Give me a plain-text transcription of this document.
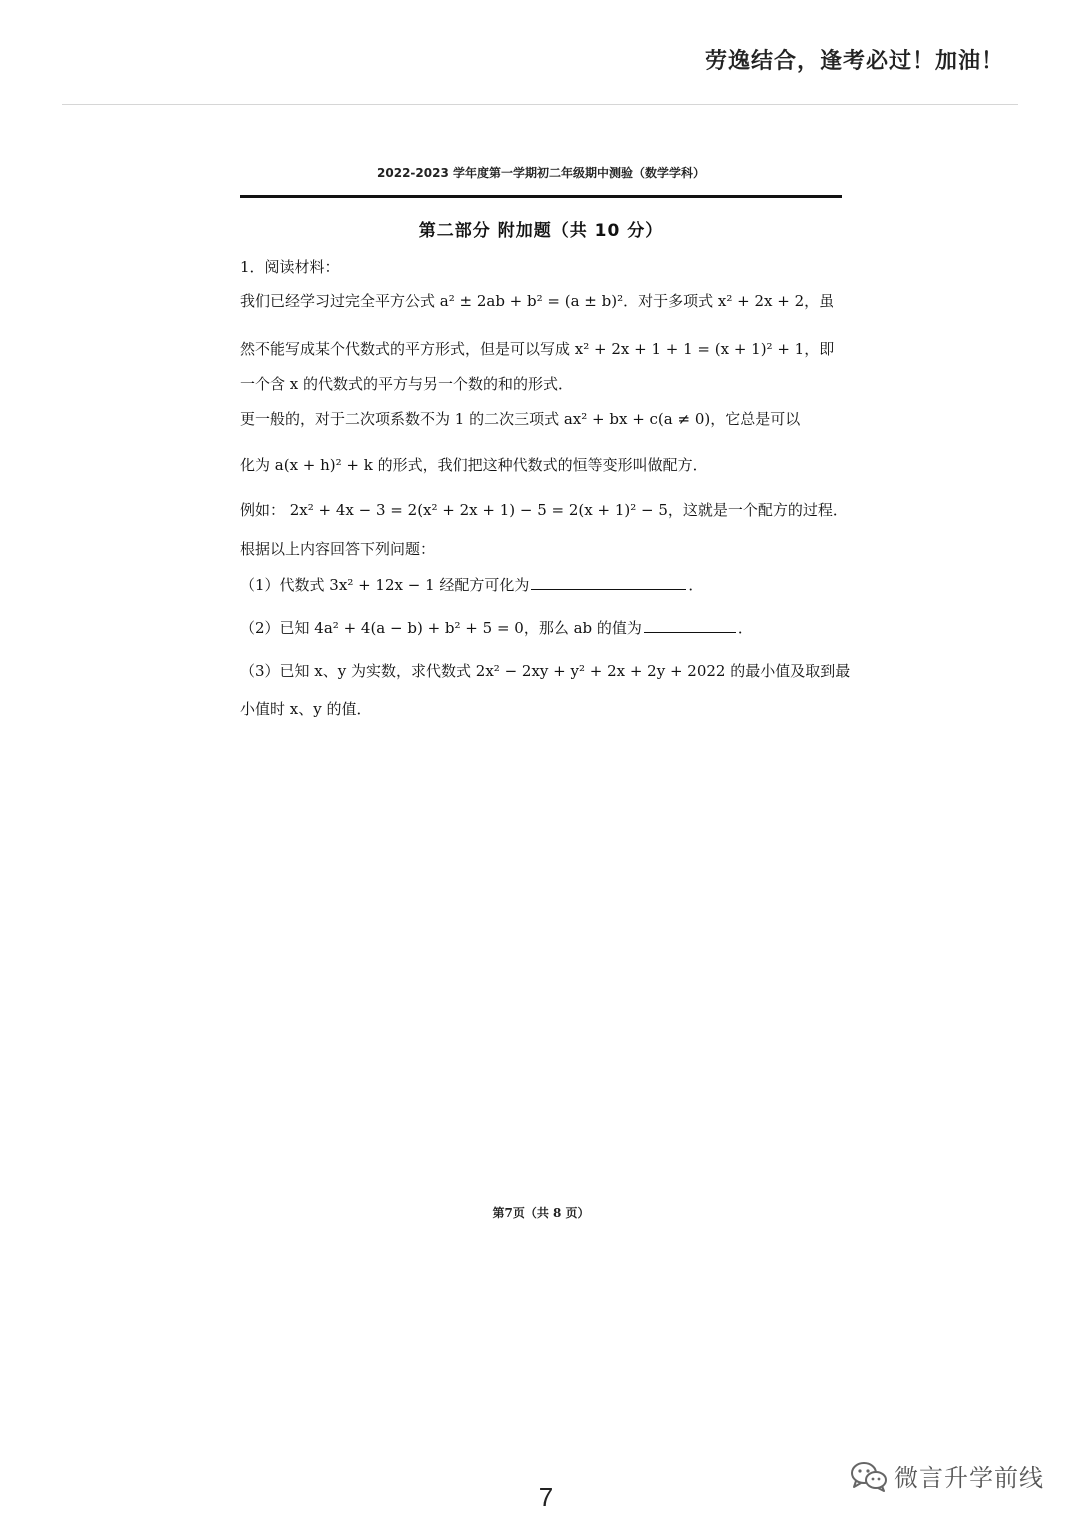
劳逸结合，逢考必过！加油！
2022-2023 学年度第一学期初二年级期中测验（数学学科）
第二部分 附加题（共 10 分）
1．阅读材料：
我们已经学习过完全平方公式 a² ± 2ab + b² = (a ± b)²．对于多项式 x² + 2x + 2，虽
然不能写成某个代数式的平方形式，但是可以写成 x² + 2x + 1 + 1 = (x + 1)² + 1，即
一个含 x 的代数式的平方与另一个数的和的形式．
更一般的，对于二次项系数不为 1 的二次三项式 ax² + bx + c(a ≠ 0)，它总是可以
化为 a(x + h)² + k 的形式，我们把这种代数式的恒等变形叫做配方．
例如： 2x² + 4x − 3 = 2(x² + 2x + 1) − 5 = 2(x + 1)² − 5，这就是一个配方的过程．
根据以上内容回答下列问题：
（1）代数式 3x² + 12x − 1 经配方可化为	．
（2）已知 4a² + 4(a − b) + b² + 5 = 0，那么 ab 的值为	．
（3）已知 x、y 为实数，求代数式 2x² − 2xy + y² + 2x + 2y + 2022 的最小值及取到最
小值时 x、y 的值．
第7页（共 8 页）
7
微言升学前线
